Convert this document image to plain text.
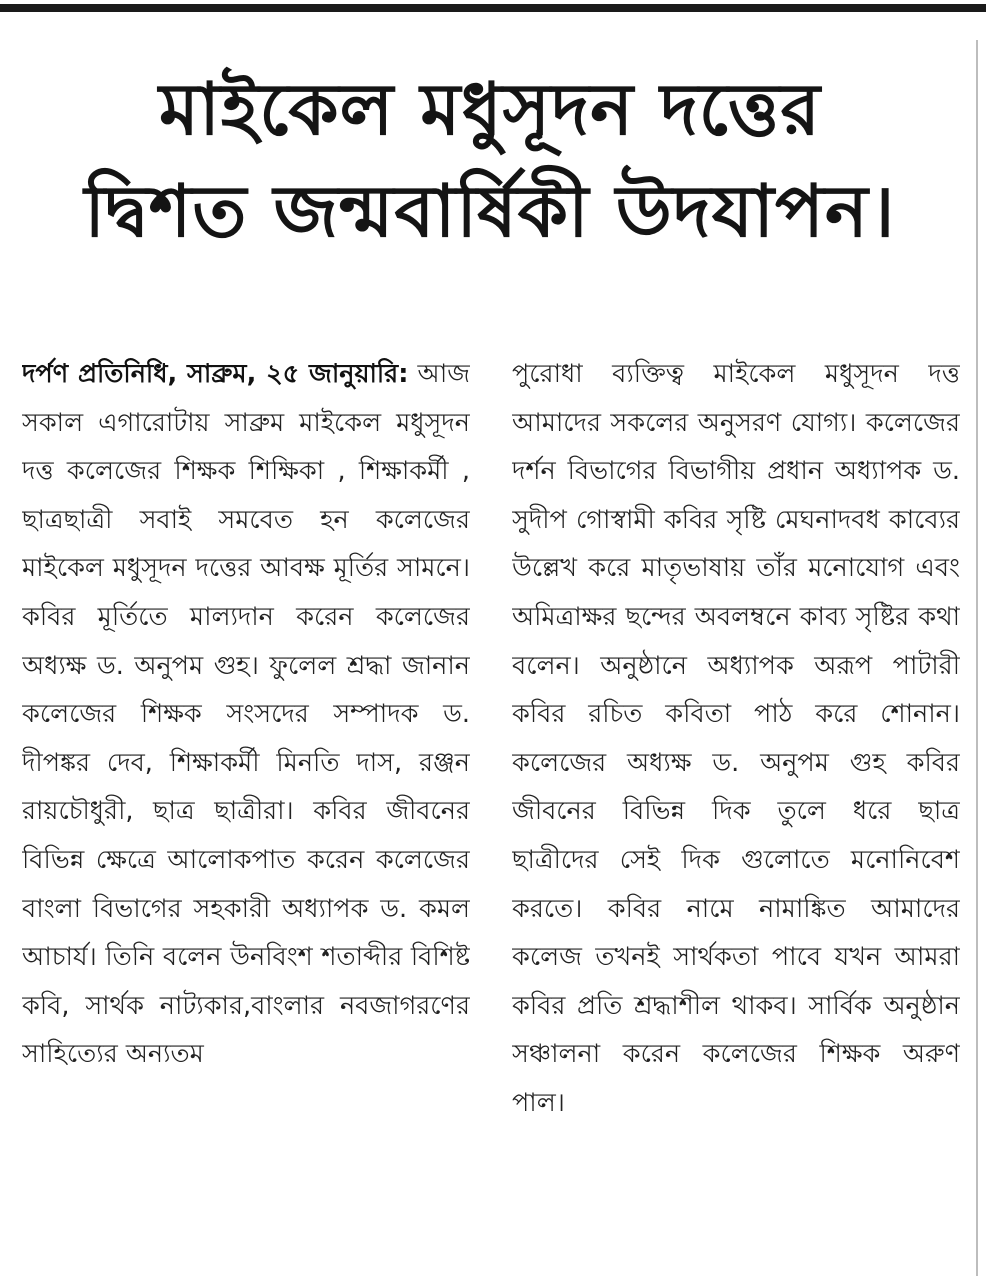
মাইকেল মধুসূদন দত্তের
দ্বিশত জন্মবার্ষিকী উদযাপন।

দর্পণ প্রতিনিধি, সাব্রুম, ২৫ জানুয়ারি: আজ সকাল এগারোটায় সাব্রুম মাইকেল মধুসূদন দত্ত কলেজের শিক্ষক শিক্ষিকা , শিক্ষাকর্মী , ছাত্রছাত্রী সবাই সমবেত হন কলেজের মাইকেল মধুসূদন দত্তের আবক্ষ মূর্তির সামনে। কবির মূর্তিতে মাল্যদান করেন কলেজের অধ্যক্ষ ড. অনুপম গুহ। ফুলেল শ্রদ্ধা জানান কলেজের শিক্ষক সংসদের সম্পাদক ড. দীপঙ্কর দেব, শিক্ষাকর্মী মিনতি দাস, রঞ্জন রায়চৌধুরী, ছাত্র ছাত্রীরা। কবির জীবনের বিভিন্ন ক্ষেত্রে আলোকপাত করেন কলেজের বাংলা বিভাগের সহকারী অধ্যাপক ড. কমল আচার্য। তিনি বলেন উনবিংশ শতাব্দীর বিশিষ্ট কবি, সার্থক নাট্যকার,বাংলার নবজাগরণের সাহিত্যের অন্যতম

পুরোধা ব্যক্তিত্ব মাইকেল মধুসূদন দত্ত আমাদের সকলের অনুসরণ যোগ্য। কলেজের দর্শন বিভাগের বিভাগীয় প্রধান অধ্যাপক ড. সুদীপ গোস্বামী কবির সৃষ্টি মেঘনাদবধ কাব্যের উল্লেখ করে মাতৃভাষায় তাঁর মনোযোগ এবং অমিত্রাক্ষর ছন্দের অবলম্বনে কাব্য সৃষ্টির কথা বলেন। অনুষ্ঠানে অধ্যাপক অরূপ পাটারী কবির রচিত কবিতা পাঠ করে শোনান। কলেজের অধ্যক্ষ ড. অনুপম গুহ কবির জীবনের বিভিন্ন দিক তুলে ধরে ছাত্র ছাত্রীদের সেই দিক গুলোতে মনোনিবেশ করতে। কবির নামে নামাঙ্কিত আমাদের কলেজ তখনই সার্থকতা পাবে যখন আমরা কবির প্রতি শ্রদ্ধাশীল থাকব। সার্বিক অনুষ্ঠান সঞ্চালনা করেন কলেজের শিক্ষক অরুণ পাল।
